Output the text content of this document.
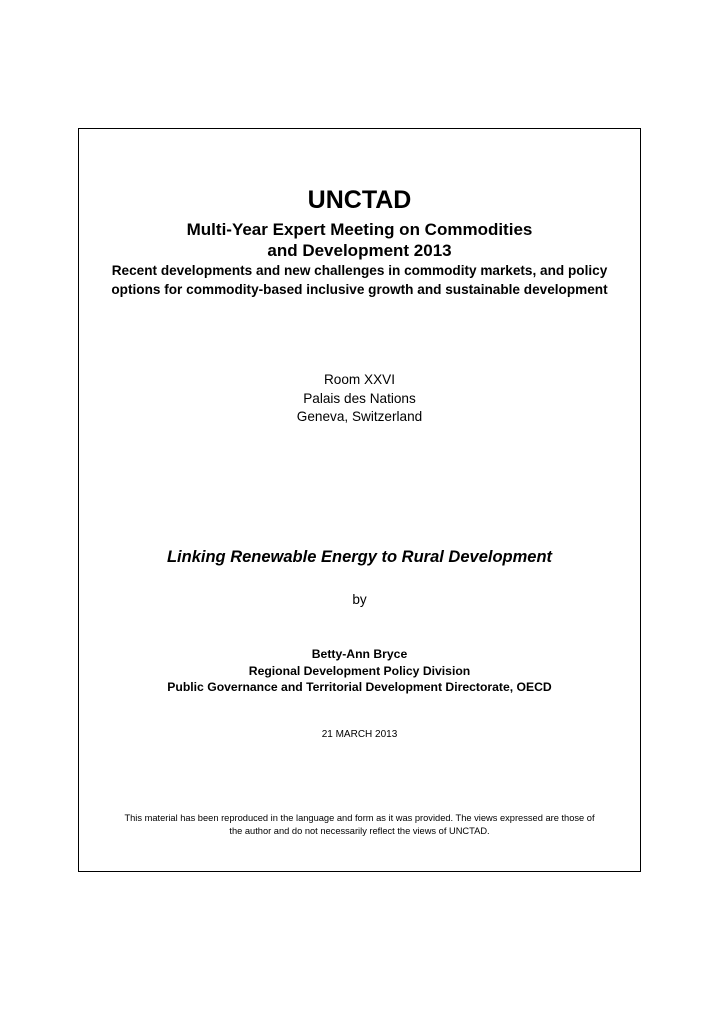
UNCTAD
Multi-Year Expert Meeting on Commodities
and Development 2013
Recent developments and new challenges in commodity markets, and policy
options for commodity-based inclusive growth and sustainable development
Room XXVI
Palais des Nations
Geneva, Switzerland
Linking Renewable Energy to Rural Development
by
Betty-Ann Bryce
Regional Development Policy Division
Public Governance and Territorial Development Directorate, OECD
21 MARCH 2013
This material has been reproduced in the language and form as it was provided. The views expressed are those of
the author and do not necessarily reflect the views of UNCTAD.
